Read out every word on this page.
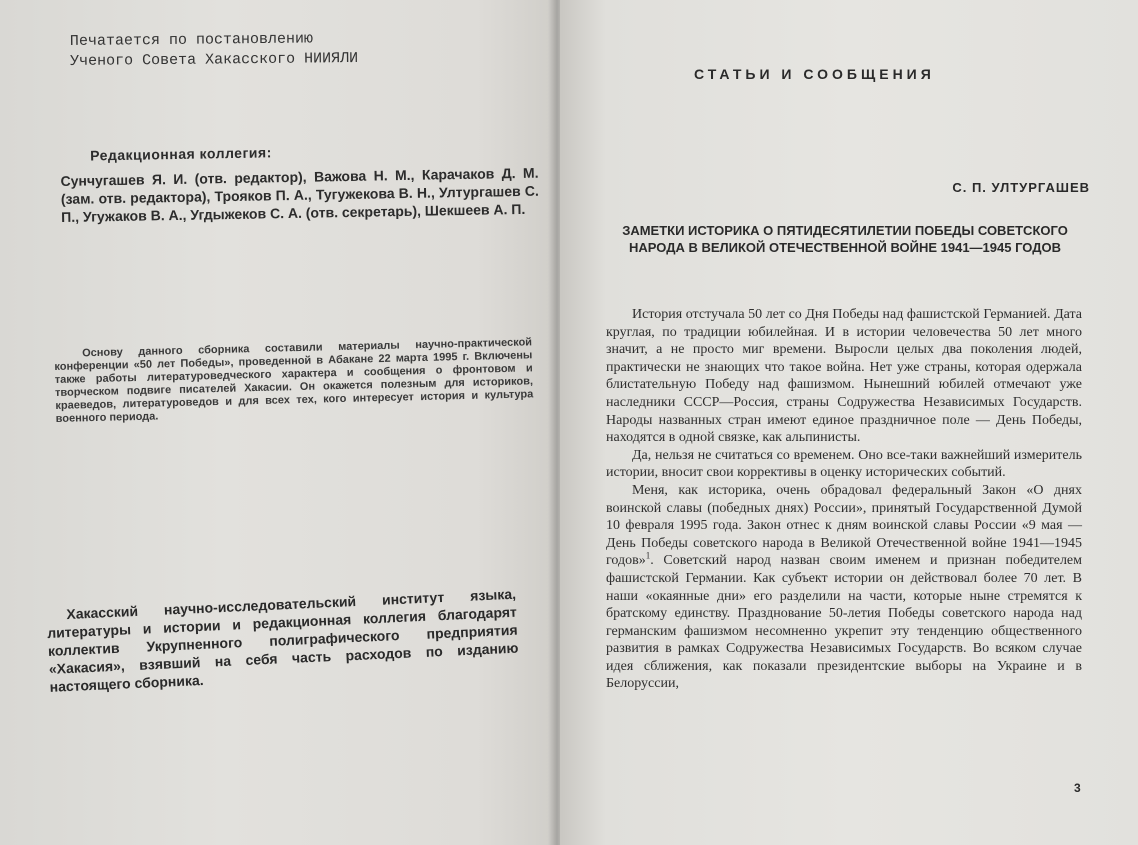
Печатается по постановлению
Ученого Совета Хакасского НИИЯЛИ
Редакционная коллегия:
Сунчугашев Я. И. (отв. редактор), Важова Н. М., Карачаков Д. М. (зам. отв. редактора), Трояков П. А., Тугужекова В. Н., Ултургашев С. П., Угужаков В. А., Угдыжеков С. А. (отв. секретарь), Шекшеев А. П.
Основу данного сборника составили материалы научно-практической конференции «50 лет Победы», проведенной в Абакане 22 марта 1995 г. Включены также работы литературоведческого характера и сообщения о фронтовом и творческом подвиге писателей Хакасии. Он окажется полезным для историков, краеведов, литературоведов и для всех тех, кого интересует история и культура военного периода.
Хакасский научно-исследовательский институт языка, литературы и истории и редакционная коллегия благодарят коллектив Укрупненного полиграфического предприятия «Хакасия», взявший на себя часть расходов по изданию настоящего сборника.
СТАТЬИ И СООБЩЕНИЯ
С. П. УЛТУРГАШЕВ
ЗАМЕТКИ ИСТОРИКА О ПЯТИДЕСЯТИЛЕТИИ ПОБЕДЫ СОВЕТСКОГО НАРОДА В ВЕЛИКОЙ ОТЕЧЕСТВЕННОЙ ВОЙНЕ 1941—1945 ГОДОВ

История отстучала 50 лет со Дня Победы над фашистской Германией. Дата круглая, по традиции юбилейная. И в истории человечества 50 лет много значит, а не просто миг времени. Выросли целых два поколения людей, практически не знающих что такое война. Нет уже страны, которая одержала блистательную Победу над фашизмом. Нынешний юбилей отмечают уже наследники СССР—Россия, страны Содружества Независимых Государств. Народы названных стран имеют единое праздничное поле — День Победы, находятся в одной связке, как альпинисты.

Да, нельзя не считаться со временем. Оно все-таки важнейший измеритель истории, вносит свои коррективы в оценку исторических событий.

Меня, как историка, очень обрадовал федеральный Закон «О днях воинской славы (победных днях) России», принятый Государственной Думой 10 февраля 1995 года. Закон отнес к дням воинской славы России «9 мая — День Победы советского народа в Великой Отечественной войне 1941—1945 годов»$^1$. Советский народ назван своим именем и признан победителем фашистской Германии. Как субъект истории он действовал более 70 лет. В наши «окаянные дни» его разделили на части, которые ныне стремятся к братскому единству. Празднование 50-летия Победы советского народа над германским фашизмом несомненно укрепит эту тенденцию общественного развития в рамках Содружества Независимых Государств. Во всяком случае идея сближения, как показали президентские выборы на Украине и в Белоруссии,

3
